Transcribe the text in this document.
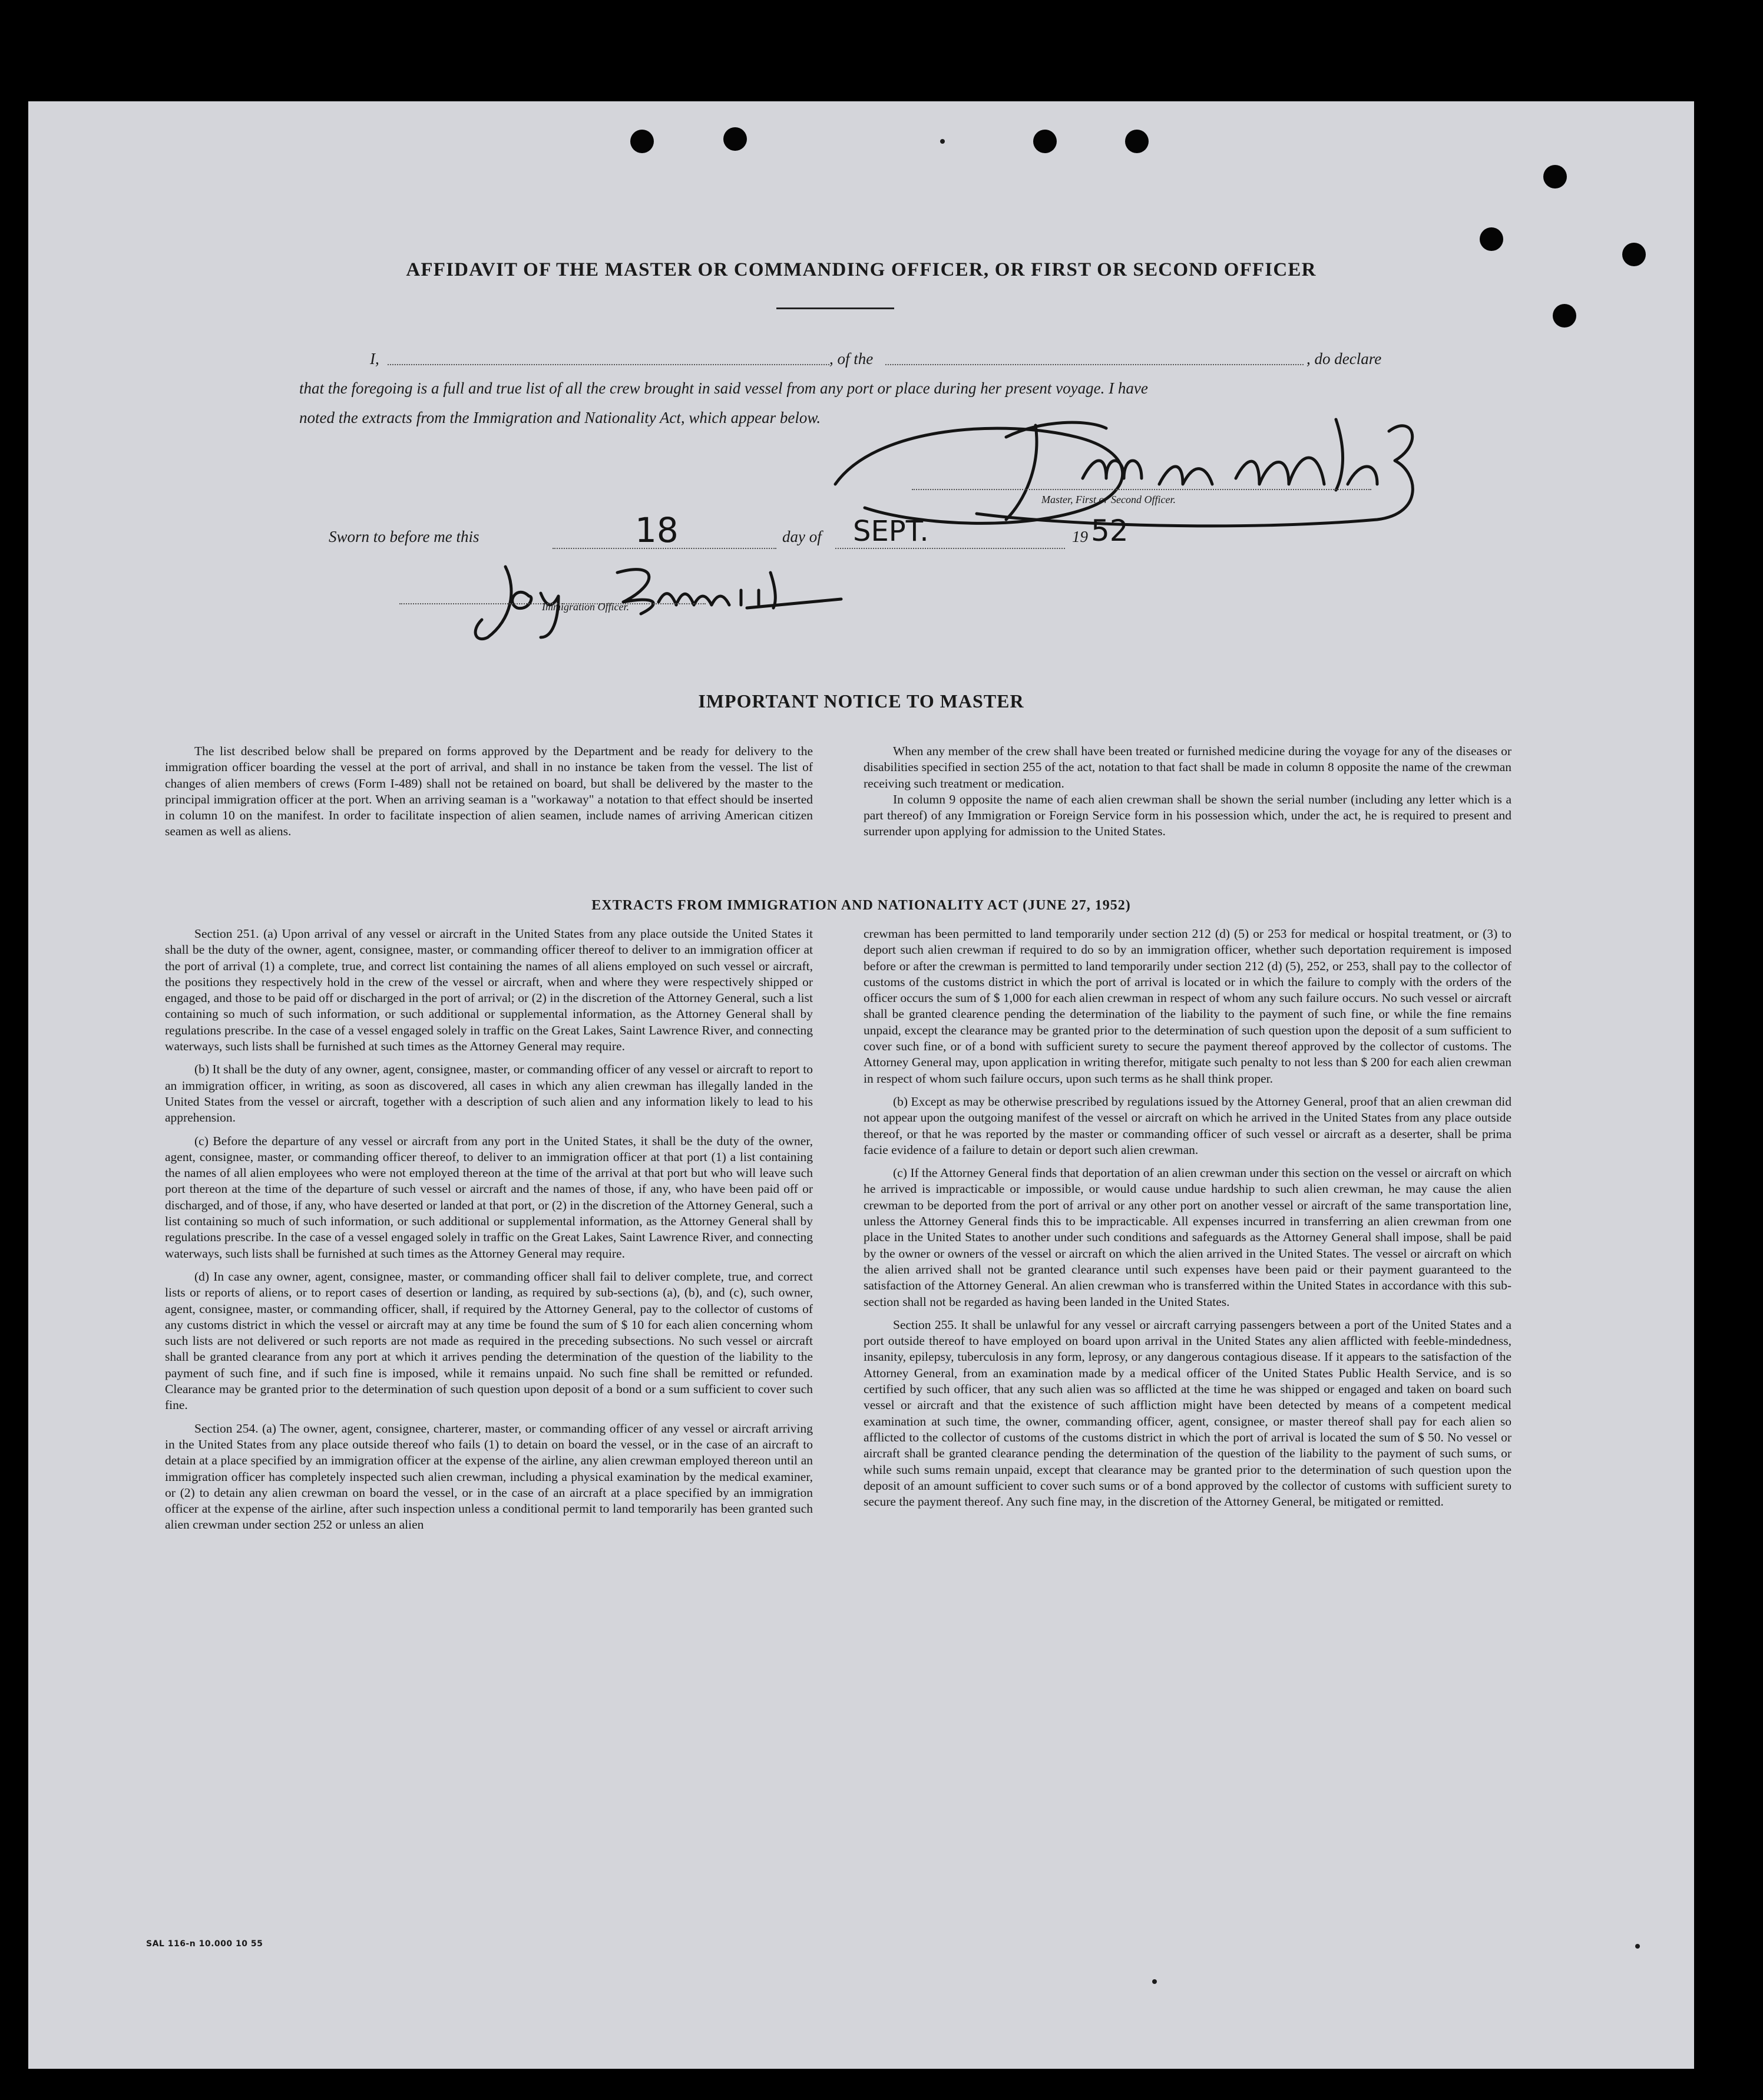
AFFIDAVIT OF THE MASTER OR COMMANDING OFFICER, OR FIRST OR SECOND OFFICER
I,	, of the	, do declare
that the foregoing is a full and true list of all the crew brought in said vessel from any port or place during her present voyage. I have
noted the extracts from the Immigration and Nationality Act, which appear below.
Master, First or Second Officer.
Sworn to before me this	18	day of SEPT.	19 52
Immigration Officer.
IMPORTANT NOTICE TO MASTER

The list described below shall be prepared on forms approved by the Department and be ready for delivery to the immigration officer boarding the vessel at the port of arrival, and shall in no instance be taken from the vessel. The list of changes of alien members of crews (Form I-489) shall not be retained on board, but shall be delivered by the master to the principal immigration officer at the port. When an arriving seaman is a "workaway" a notation to that effect should be inserted in column 10 on the manifest. In order to facilitate inspection of alien seamen, include names of arriving American citizen seamen as well as aliens.

When any member of the crew shall have been treated or furnished medicine during the voyage for any of the diseases or disabilities specified in section 255 of the act, notation to that fact shall be made in column 8 opposite the name of the crewman receiving such treatment or medication.

In column 9 opposite the name of each alien crewman shall be shown the serial number (including any letter which is a part thereof) of any Immigration or Foreign Service form in his possession which, under the act, he is required to present and surrender upon applying for admission to the United States.

EXTRACTS FROM IMMIGRATION AND NATIONALITY ACT (JUNE 27, 1952)

Section 251. (a) Upon arrival of any vessel or aircraft in the United States from any place outside the United States it shall be the duty of the owner, agent, consignee, master, or commanding officer thereof to deliver to an immigration officer at the port of arrival (1) a complete, true, and correct list containing the names of all aliens employed on such vessel or aircraft, the positions they respectively hold in the crew of the vessel or aircraft, when and where they were respectively shipped or engaged, and those to be paid off or discharged in the port of arrival; or (2) in the discretion of the Attorney General, such a list containing so much of such information, or such additional or supplemental information, as the Attorney General shall by regulations prescribe. In the case of a vessel engaged solely in traffic on the Great Lakes, Saint Lawrence River, and connecting waterways, such lists shall be furnished at such times as the Attorney General may require.

(b) It shall be the duty of any owner, agent, consignee, master, or commanding officer of any vessel or aircraft to report to an immigration officer, in writing, as soon as discovered, all cases in which any alien crewman has illegally landed in the United States from the vessel or aircraft, together with a description of such alien and any information likely to lead to his apprehension.

(c) Before the departure of any vessel or aircraft from any port in the United States, it shall be the duty of the owner, agent, consignee, master, or commanding officer thereof, to deliver to an immigration officer at that port (1) a list containing the names of all alien employees who were not employed thereon at the time of the arrival at that port but who will leave such port thereon at the time of the departure of such vessel or aircraft and the names of those, if any, who have been paid off or discharged, and of those, if any, who have deserted or landed at that port, or (2) in the discretion of the Attorney General, such a list containing so much of such information, or such additional or supplemental information, as the Attorney General shall by regulations prescribe. In the case of a vessel engaged solely in traffic on the Great Lakes, Saint Lawrence River, and connecting waterways, such lists shall be furnished at such times as the Attorney General may require.

(d) In case any owner, agent, consignee, master, or commanding officer shall fail to deliver complete, true, and correct lists or reports of aliens, or to report cases of desertion or landing, as required by sub-sections (a), (b), and (c), such owner, agent, consignee, master, or commanding officer, shall, if required by the Attorney General, pay to the collector of customs of any customs district in which the vessel or aircraft may at any time be found the sum of $ 10 for each alien concerning whom such lists are not delivered or such reports are not made as required in the preceding subsections. No such vessel or aircraft shall be granted clearance from any port at which it arrives pending the determination of the question of the liability to the payment of such fine, and if such fine is imposed, while it remains unpaid. No such fine shall be remitted or refunded. Clearance may be granted prior to the determination of such question upon deposit of a bond or a sum sufficient to cover such fine.

Section 254. (a) The owner, agent, consignee, charterer, master, or commanding officer of any vessel or aircraft arriving in the United States from any place outside thereof who fails (1) to detain on board the vessel, or in the case of an aircraft to detain at a place specified by an immigration officer at the expense of the airline, any alien crewman employed thereon until an immigration officer has completely inspected such alien crewman, including a physical examination by the medical examiner, or (2) to detain any alien crewman on board the vessel, or in the case of an aircraft at a place specified by an immigration officer at the expense of the airline, after such inspection unless a conditional permit to land temporarily has been granted such alien crewman under section 252 or unless an alien

crewman has been permitted to land temporarily under section 212 (d) (5) or 253 for medical or hospital treatment, or (3) to deport such alien crewman if required to do so by an immigration officer, whether such deportation requirement is imposed before or after the crewman is permitted to land temporarily under section 212 (d) (5), 252, or 253, shall pay to the collector of customs of the customs district in which the port of arrival is located or in which the failure to comply with the orders of the officer occurs the sum of $ 1,000 for each alien crewman in respect of whom any such failure occurs. No such vessel or aircraft shall be granted clearence pending the determination of the liability to the payment of such fine, or while the fine remains unpaid, except the clearance may be granted prior to the determination of such question upon the deposit of a sum sufficient to cover such fine, or of a bond with sufficient surety to secure the payment thereof approved by the collector of customs. The Attorney General may, upon application in writing therefor, mitigate such penalty to not less than $ 200 for each alien crewman in respect of whom such failure occurs, upon such terms as he shall think proper.

(b) Except as may be otherwise prescribed by regulations issued by the Attorney General, proof that an alien crewman did not appear upon the outgoing manifest of the vessel or aircraft on which he arrived in the United States from any place outside thereof, or that he was reported by the master or commanding officer of such vessel or aircraft as a deserter, shall be prima facie evidence of a failure to detain or deport such alien crewman.

(c) If the Attorney General finds that deportation of an alien crewman under this section on the vessel or aircraft on which he arrived is impracticable or impossible, or would cause undue hardship to such alien crewman, he may cause the alien crewman to be deported from the port of arrival or any other port on another vessel or aircraft of the same transportation line, unless the Attorney General finds this to be impracticable. All expenses incurred in transferring an alien crewman from one place in the United States to another under such conditions and safeguards as the Attorney General shall impose, shall be paid by the owner or owners of the vessel or aircraft on which the alien arrived in the United States. The vessel or aircraft on which the alien arrived shall not be granted clearance until such expenses have been paid or their payment guaranteed to the satisfaction of the Attorney General. An alien crewman who is transferred within the United States in accordance with this sub-section shall not be regarded as having been landed in the United States.

Section 255. It shall be unlawful for any vessel or aircraft carrying passengers between a port of the United States and a port outside thereof to have employed on board upon arrival in the United States any alien afflicted with feeble-mindedness, insanity, epilepsy, tuberculosis in any form, leprosy, or any dangerous contagious disease. If it appears to the satisfaction of the Attorney General, from an examination made by a medical officer of the United States Public Health Service, and is so certified by such officer, that any such alien was so afflicted at the time he was shipped or engaged and taken on board such vessel or aircraft and that the existence of such affliction might have been detected by means of a competent medical examination at such time, the owner, commanding officer, agent, consignee, or master thereof shall pay for each alien so afflicted to the collector of customs of the customs district in which the port of arrival is located the sum of $ 50. No vessel or aircraft shall be granted clearance pending the determination of the question of the liability to the payment of such sums, or while such sums remain unpaid, except that clearance may be granted prior to the determination of such question upon the deposit of an amount sufficient to cover such sums or of a bond approved by the collector of customs with sufficient surety to secure the payment thereof. Any such fine may, in the discretion of the Attorney General, be mitigated or remitted.

SAL 116-n 10.000 10 55
